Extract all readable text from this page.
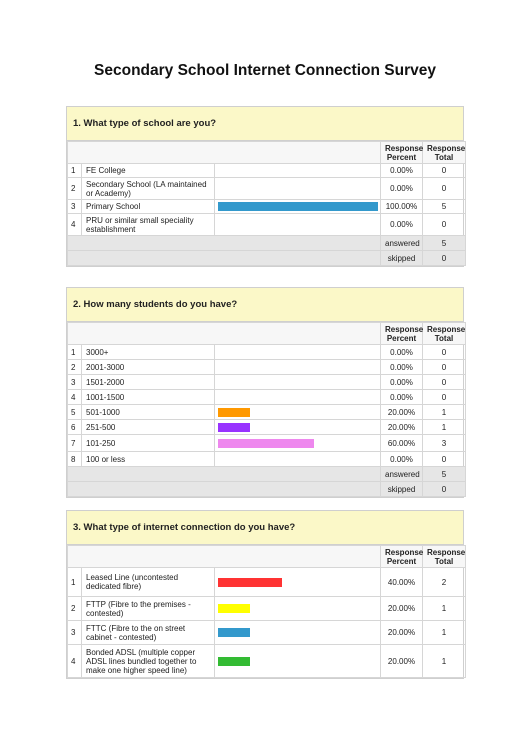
Secondary School Internet Connection Survey
1. What type of school are you?
			Response Percent	Response Total
1	FE College		0.00%	0
2	Secondary School (LA maintained or Academy)		0.00%	0
3	Primary School		100.00%	5
4	PRU or similar small speciality establishment		0.00%	0
			answered	5
			skipped	0
2. How many students do you have?
			Response Percent	Response Total
1	3000+		0.00%	0
2	2001-3000		0.00%	0
3	1501-2000		0.00%	0
4	1001-1500		0.00%	0
5	501-1000		20.00%	1
6	251-500		20.00%	1
7	101-250		60.00%	3
8	100 or less		0.00%	0
			answered	5
			skipped	0
3. What type of internet connection do you have?
			Response Percent	Response Total
1	Leased Line (uncontested dedicated fibre)		40.00%	2
2	FTTP (Fibre to the premises - contested)		20.00%	1
3	FTTC (Fibre to the on street cabinet - contested)		20.00%	1
4	Bonded ADSL (multiple copper ADSL lines bundled together to make one higher speed line)		20.00%	1
